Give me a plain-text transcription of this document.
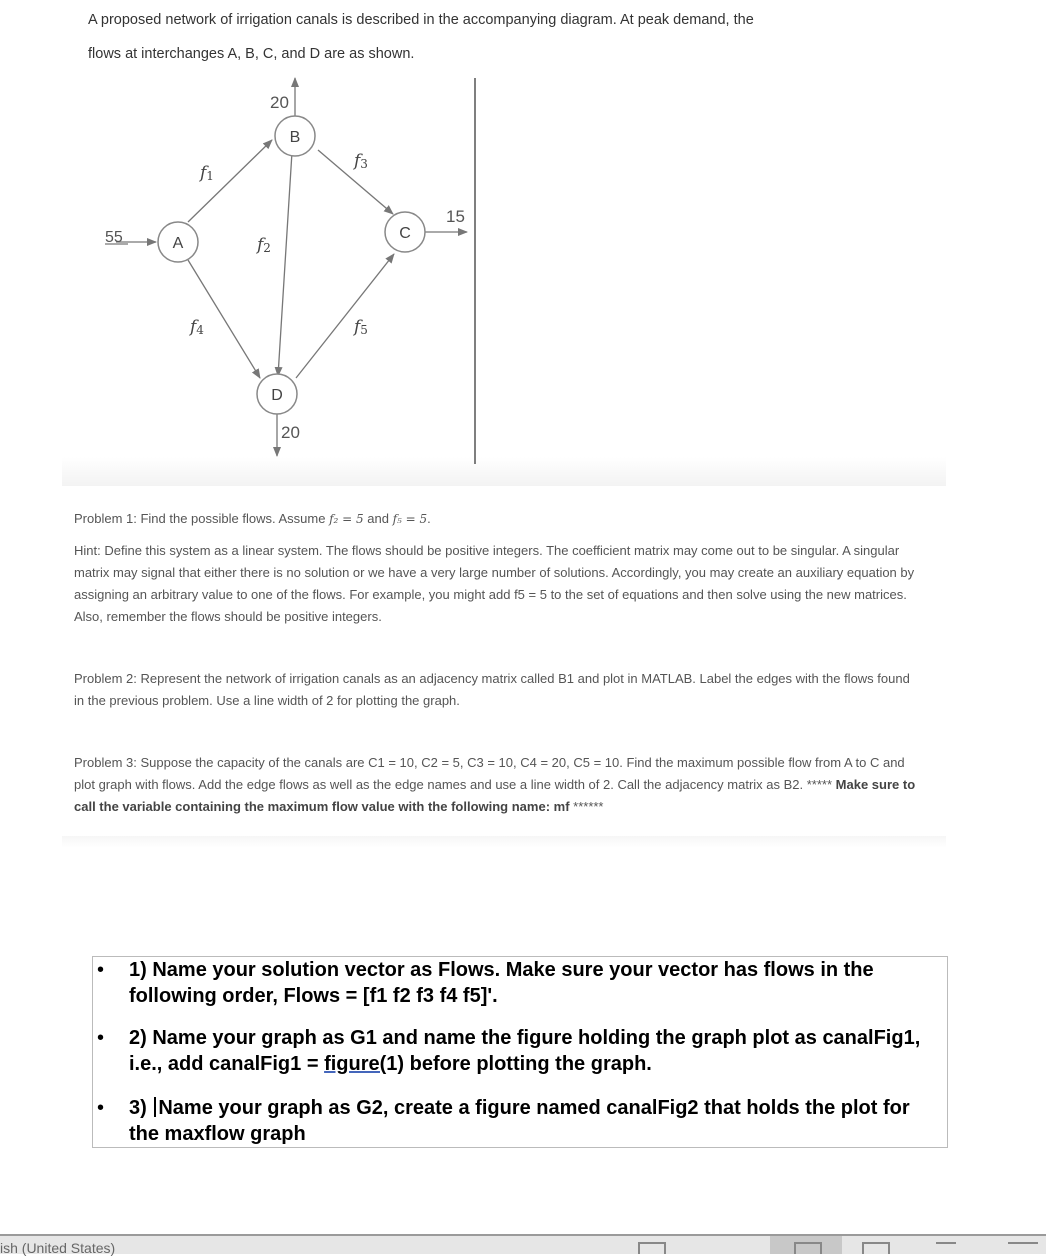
A proposed network of irrigation canals is described in the accompanying diagram. At peak demand, the
flows at interchanges A, B, C, and D are as shown.
A
B
C
D
55
20
15
20
f1
f2
f3
f4	f5
Problem 1: Find the possible flows. Assume f₂ = 5 and f₅ = 5.
Hint: Define this system as a linear system. The flows should be positive integers. The coefficient matrix may come out to be singular. A singular matrix may signal that either there is no solution or we have a very large number of solutions. Accordingly, you may create an auxiliary equation by assigning an arbitrary value to one of the flows. For example, you might add f5 = 5 to the set of equations and then solve using the new matrices. Also, remember the flows should be positive integers.
Problem 2: Represent the network of irrigation canals as an adjacency matrix called B1 and plot in MATLAB. Label the edges with the flows found in the previous problem. Use a line width of 2 for plotting the graph.
Problem 3: Suppose the capacity of the canals are C1 = 10, C2 = 5, C3 = 10, C4 = 20, C5 = 10. Find the maximum possible flow from A to C and plot graph with flows. Add the edge flows as well as the edge names and use a line width of 2. Call the adjacency matrix as B2. ***** Make sure to call the variable containing the maximum flow value with the following name: mf ******
• 1) Name your solution vector as Flows. Make sure your vector has flows in the following order, Flows = [f1 f2 f3 f4 f5]'.
• 2) Name your graph as G1 and name the figure holding the graph plot as canalFig1, i.e., add canalFig1 = figure(1) before plotting the graph.
• 3) Name your graph as G2, create a figure named canalFig2 that holds the plot for the maxflow graph
ish (United States)
